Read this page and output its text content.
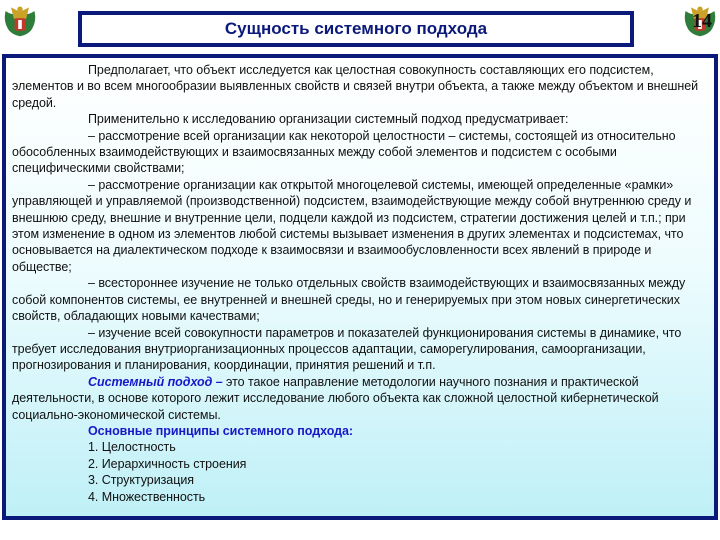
Сущность системного подхода	14

Предполагает, что объект исследуется как целостная совокупность составляющих его подсистем, элементов и во всем многообразии выявленных свойств и связей внутри объекта, а также между объектом и внешней средой.

Применительно к исследованию организации системный подход предусматривает:

– рассмотрение всей организации как некоторой целостности – системы, состоящей из относительно обособленных взаимодействующих и взаимосвязанных между собой элементов и подсистем с особыми специфическими свойствами;

– рассмотрение организации как открытой многоцелевой системы, имеющей определенные «рамки» управляющей и управляемой (производственной) подсистем, взаимодействующие между собой внутреннюю среду и внешнюю среду, внешние и внутренние цели, подцели каждой из подсистем, стратегии достижения целей и т.п.; при этом изменение в одном из элементов любой системы вызывает изменения в других элементах и подсистемах, что основывается на диалектическом подходе к взаимосвязи и взаимообусловленности всех явлений в природе и обществе;

– всестороннее изучение не только отдельных свойств взаимодействующих и взаимосвязанных между собой компонентов системы, ее внутренней и внешней среды, но и генерируемых при этом новых синергетических свойств, обладающих новыми качествами;

– изучение всей совокупности параметров и показателей функционирования системы в динамике, что требует исследования внутриорганизационных процессов адаптации, саморегулирования, самоорганизации, прогнозирования и планирования, координации, принятия решений и т.п.

Системный подход – это такое направление методологии научного познания и практической деятельности, в основе которого лежит исследование любого объекта как сложной целостной кибернетической социально-экономической системы.

Основные принципы системного подхода:

1. Целостность

2. Иерархичность строения

3. Структуризация

4. Множественность
